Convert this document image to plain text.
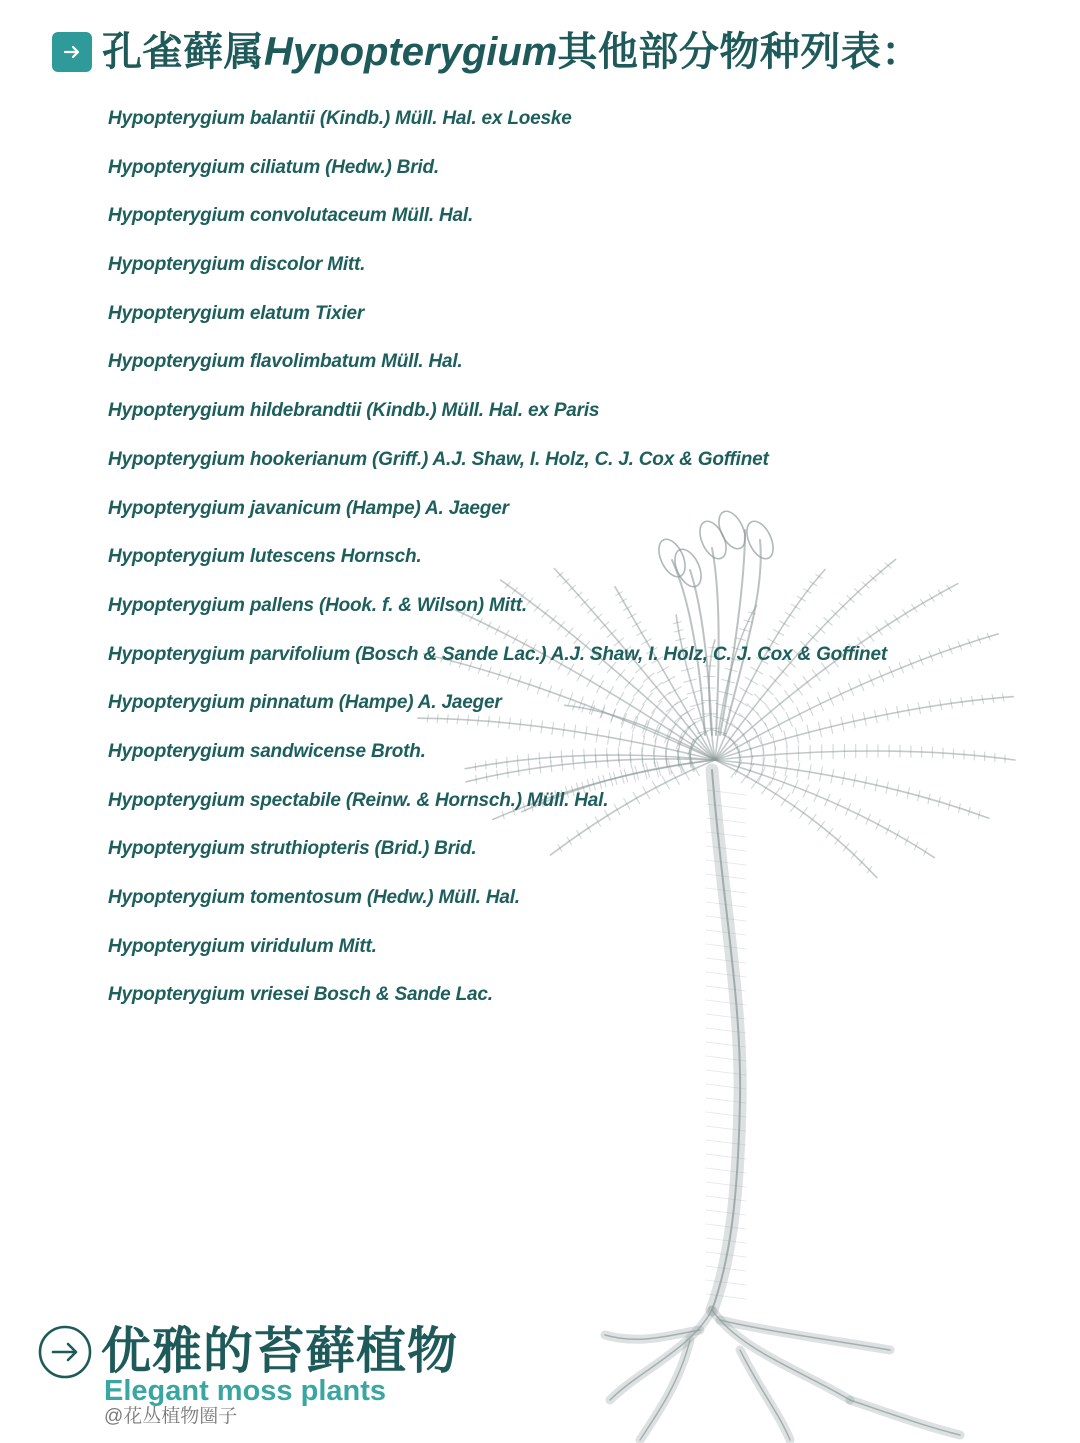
孔雀藓属 Hypopterygium 其他部分物种列表：
Hypopterygium balantii (Kindb.) Müll. Hal. ex Loeske
Hypopterygium ciliatum (Hedw.) Brid.
Hypopterygium convolutaceum Müll. Hal.
Hypopterygium discolor Mitt.
Hypopterygium elatum Tixier
Hypopterygium flavolimbatum Müll. Hal.
Hypopterygium hildebrandtii (Kindb.) Müll. Hal. ex Paris
Hypopterygium hookerianum (Griff.) A.J. Shaw, I. Holz, C. J. Cox & Goffinet
Hypopterygium javanicum (Hampe) A. Jaeger
Hypopterygium lutescens Hornsch.
Hypopterygium pallens (Hook. f. & Wilson) Mitt.
Hypopterygium parvifolium (Bosch & Sande Lac.) A.J. Shaw, I. Holz, C. J. Cox & Goffinet
Hypopterygium pinnatum (Hampe) A. Jaeger
Hypopterygium sandwicense Broth.
Hypopterygium spectabile (Reinw. & Hornsch.) Müll. Hal.
Hypopterygium struthiopteris (Brid.) Brid.
Hypopterygium tomentosum (Hedw.) Müll. Hal.
Hypopterygium viridulum Mitt.
Hypopterygium vriesei Bosch & Sande Lac.
优雅的苔藓植物
Elegant moss plants
@花丛植物圈子
